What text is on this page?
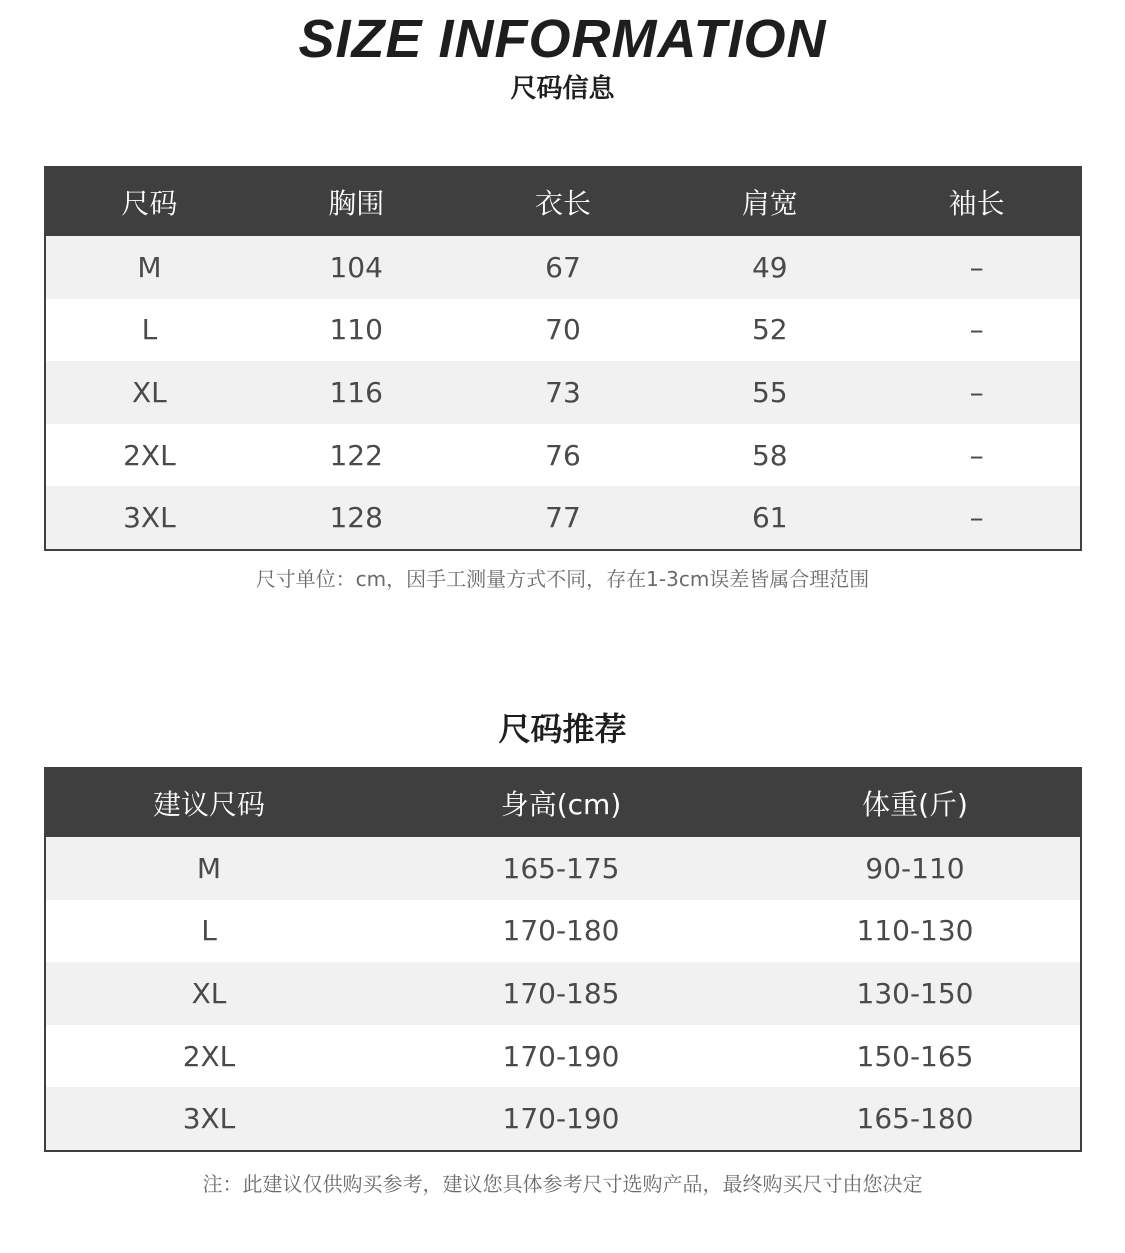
SIZE INFORMATION
尺码信息
尺码	胸围	衣长	肩宽	袖长
M	104	67	49	–
L	110	70	52	–
XL	116	73	55	–
2XL	122	76	58	–
3XL	128	77	61	–
尺寸单位：cm，因手工测量方式不同，存在1-3cm误差皆属合理范围
尺码推荐
建议尺码	身高(cm)	体重(斤)
M	165-175	90-110
L	170-180	110-130
XL	170-185	130-150
2XL	170-190	150-165
3XL	170-190	165-180
注：此建议仅供购买参考，建议您具体参考尺寸选购产品，最终购买尺寸由您决定
